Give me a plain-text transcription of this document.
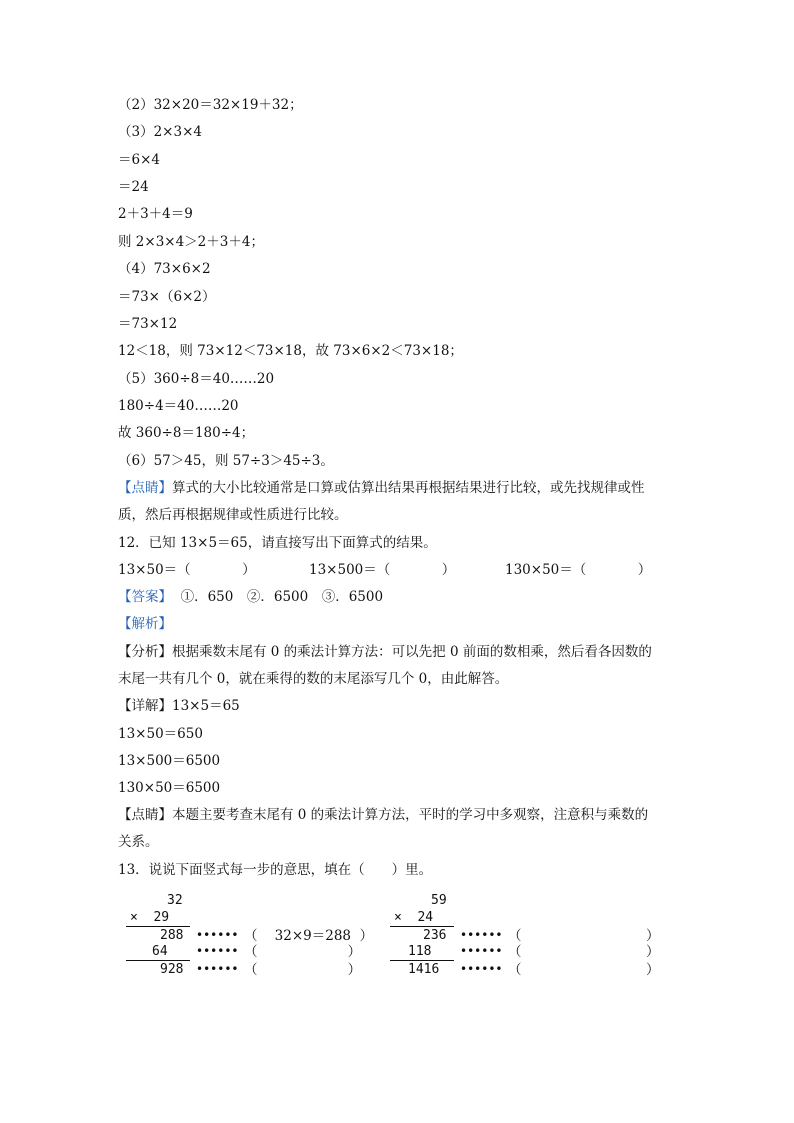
（2）32×20＝32×19＋32；
（3）2×3×4
＝6×4
＝24
2＋3＋4＝9
则 2×3×4＞2＋3＋4；
（4）73×6×2
＝73×（6×2）
＝73×12
12＜18，则 73×12＜73×18，故 73×6×2＜73×18；
（5）360÷8＝40……20
180÷4＝40……20
故 360÷8＝180÷4；
（6）57＞45，则 57÷3＞45÷3。
【点睛】算式的大小比较通常是口算或估算出结果再根据结果进行比较，或先找规律或性
质，然后再根据规律或性质进行比较。
12．已知 13×5＝65，请直接写出下面算式的结果。
13×50＝（            ）	13×500＝（            ）	130×50＝（            ）
【答案】 ①．650　②．6500　③．6500
【解析】
【分析】根据乘数末尾有 0 的乘法计算方法：可以先把 0 前面的数相乘，然后看各因数的
末尾一共有几个 0，就在乘得的数的末尾添写几个 0，由此解答。
【详解】13×5＝65
13×50＝650
13×500＝6500
130×50＝6500
【点睛】本题主要考查末尾有 0 的乘法计算方法，平时的学习中多观察，注意积与乘数的
关系。
13．说说下面竖式每一步的意思，填在（　　）里。
32
×  29
288
64
928
••••••
••••••
••••••
（    32×9＝288  ）
（                     ）
（                     ）
59
×  24
236
118
1416
••••••
••••••
••••••
（                             ）
（                             ）
（                             ）
